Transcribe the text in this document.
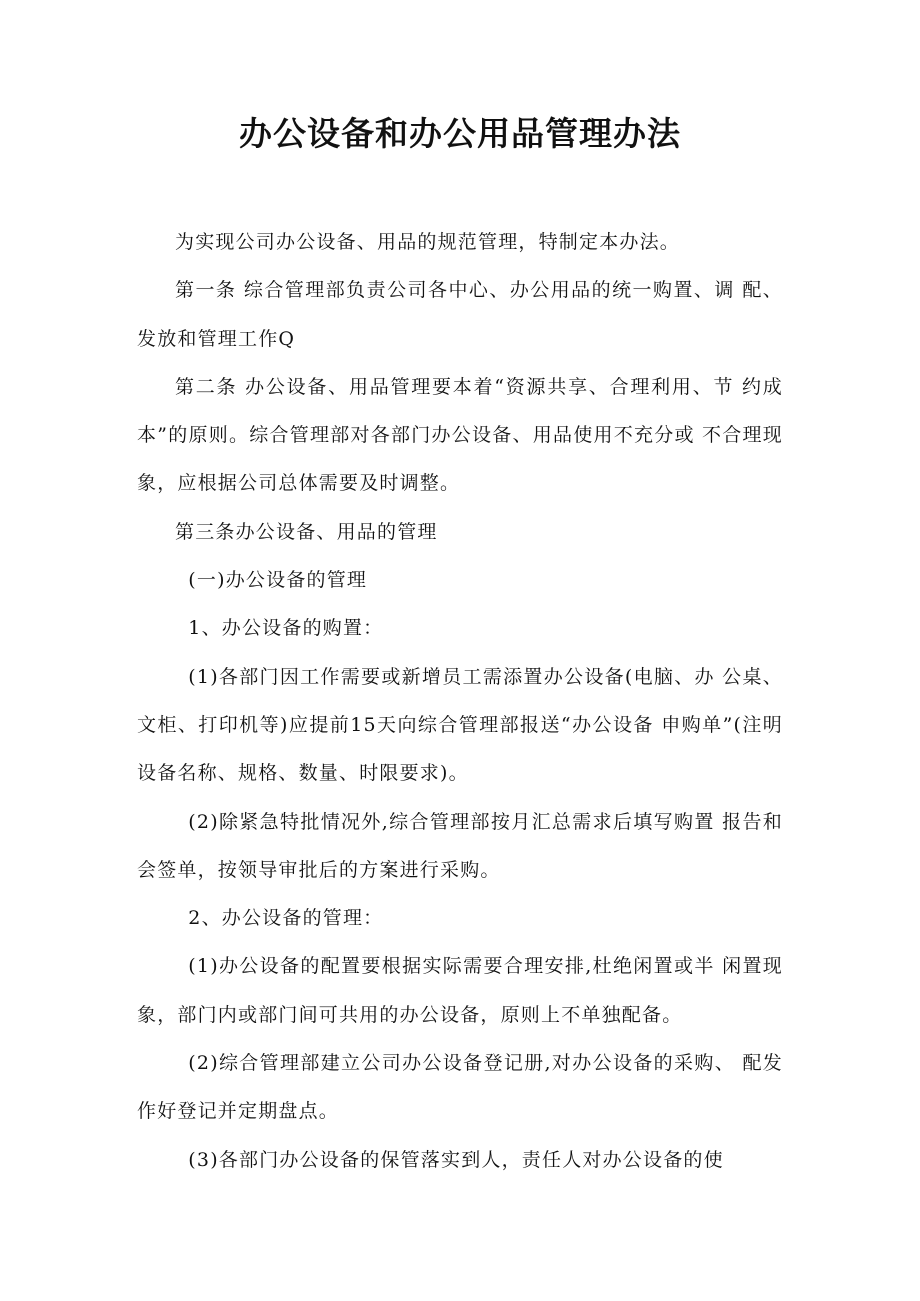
办公设备和办公用品管理办法

为实现公司办公设备、用品的规范管理，特制定本办法。

第一条 综合管理部负责公司各中心、办公用品的统一购置、调 配、发放和管理工作Q

第二条 办公设备、用品管理要本着“资源共享、合理利用、节 约成本”的原则。综合管理部对各部门办公设备、用品使用不充分或 不合理现象，应根据公司总体需要及时调整。

第三条办公设备、用品的管理

(一)办公设备的管理

1、办公设备的购置：

(1)各部门因工作需要或新增员工需添置办公设备(电脑、办 公桌、文柜、打印机等)应提前15天向综合管理部报送“办公设备 申购单”(注明设备名称、规格、数量、时限要求)。

(2)除紧急特批情况外,综合管理部按月汇总需求后填写购置 报告和会签单，按领导审批后的方案进行采购。

2、办公设备的管理：

(1)办公设备的配置要根据实际需要合理安排,杜绝闲置或半 闲置现象，部门内或部门间可共用的办公设备，原则上不单独配备。

(2)综合管理部建立公司办公设备登记册,对办公设备的采购、 配发作好登记并定期盘点。

(3)各部门办公设备的保管落实到人，责任人对办公设备的使
